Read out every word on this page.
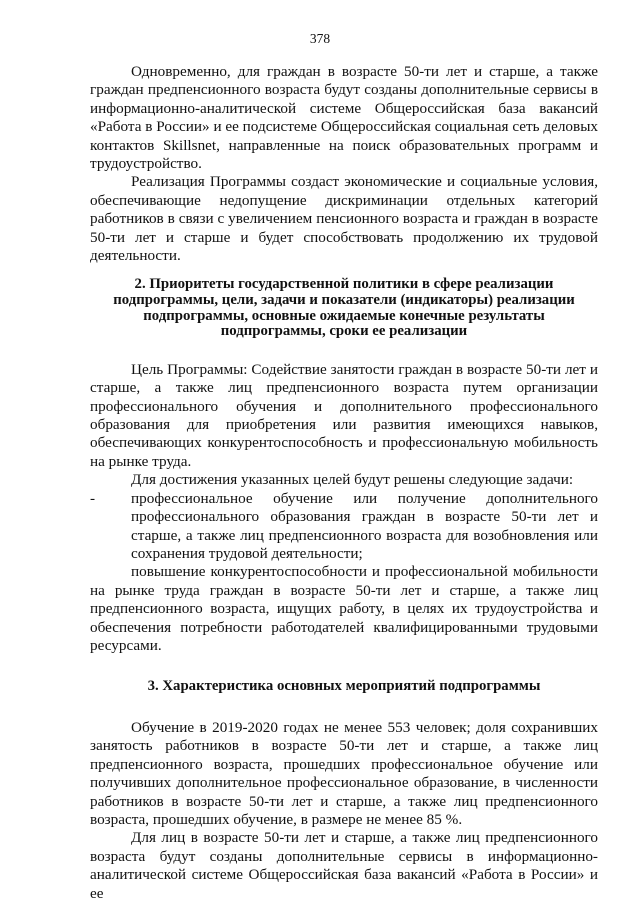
378

Одновременно, для граждан в возрасте 50-ти лет и старше, а также граждан предпенсионного возраста будут созданы дополнительные сервисы в информационно-аналитической системе Общероссийская база вакансий «Работа в России» и ее подсистеме Общероссийская социальная сеть деловых контактов Skillsnet, направленные на поиск образовательных программ и трудоустройство.

Реализация Программы создаст экономические и социальные условия, обеспечивающие недопущение дискриминации отдельных категорий работников в связи с увеличением пенсионного возраста и граждан в возрасте 50-ти лет и старше и будет способствовать продолжению их трудовой деятельности.

2. Приоритеты государственной политики в сфере реализации
подпрограммы, цели, задачи и показатели (индикаторы) реализации
подпрограммы, основные ожидаемые конечные результаты
подпрограммы, сроки ее реализации

Цель Программы: Содействие занятости граждан в возрасте 50-ти лет и старше, а также лиц предпенсионного возраста путем организации профессионального обучения и дополнительного профессионального образования для приобретения или развития имеющихся навыков, обеспечивающих конкурентоспособность и профессиональную мобильность на рынке труда.

Для достижения указанных целей будут решены следующие задачи:

-	профессиональное обучение или получение дополнительного профессионального образования граждан в возрасте 50-ти лет и старше, а также лиц предпенсионного возраста для возобновления или сохранения трудовой деятельности;

повышение конкурентоспособности и профессиональной мобильности на рынке труда граждан в возрасте 50-ти лет и старше, а также лиц предпенсионного возраста, ищущих работу, в целях их трудоустройства и обеспечения потребности работодателей квалифицированными трудовыми ресурсами.

3. Характеристика основных мероприятий подпрограммы

Обучение в 2019-2020 годах не менее 553 человек; доля сохранивших занятость работников в возрасте 50-ти лет и старше, а также лиц предпенсионного возраста, прошедших профессиональное обучение или получивших дополнительное профессиональное образование, в численности работников в возрасте 50-ти лет и старше, а также лиц предпенсионного возраста, прошедших обучение, в размере не менее 85 %.

Для лиц в возрасте 50-ти лет и старше, а также лиц предпенсионного возраста будут созданы дополнительные сервисы в информационно-аналитической системе Общероссийская база вакансий «Работа в России» и ее
